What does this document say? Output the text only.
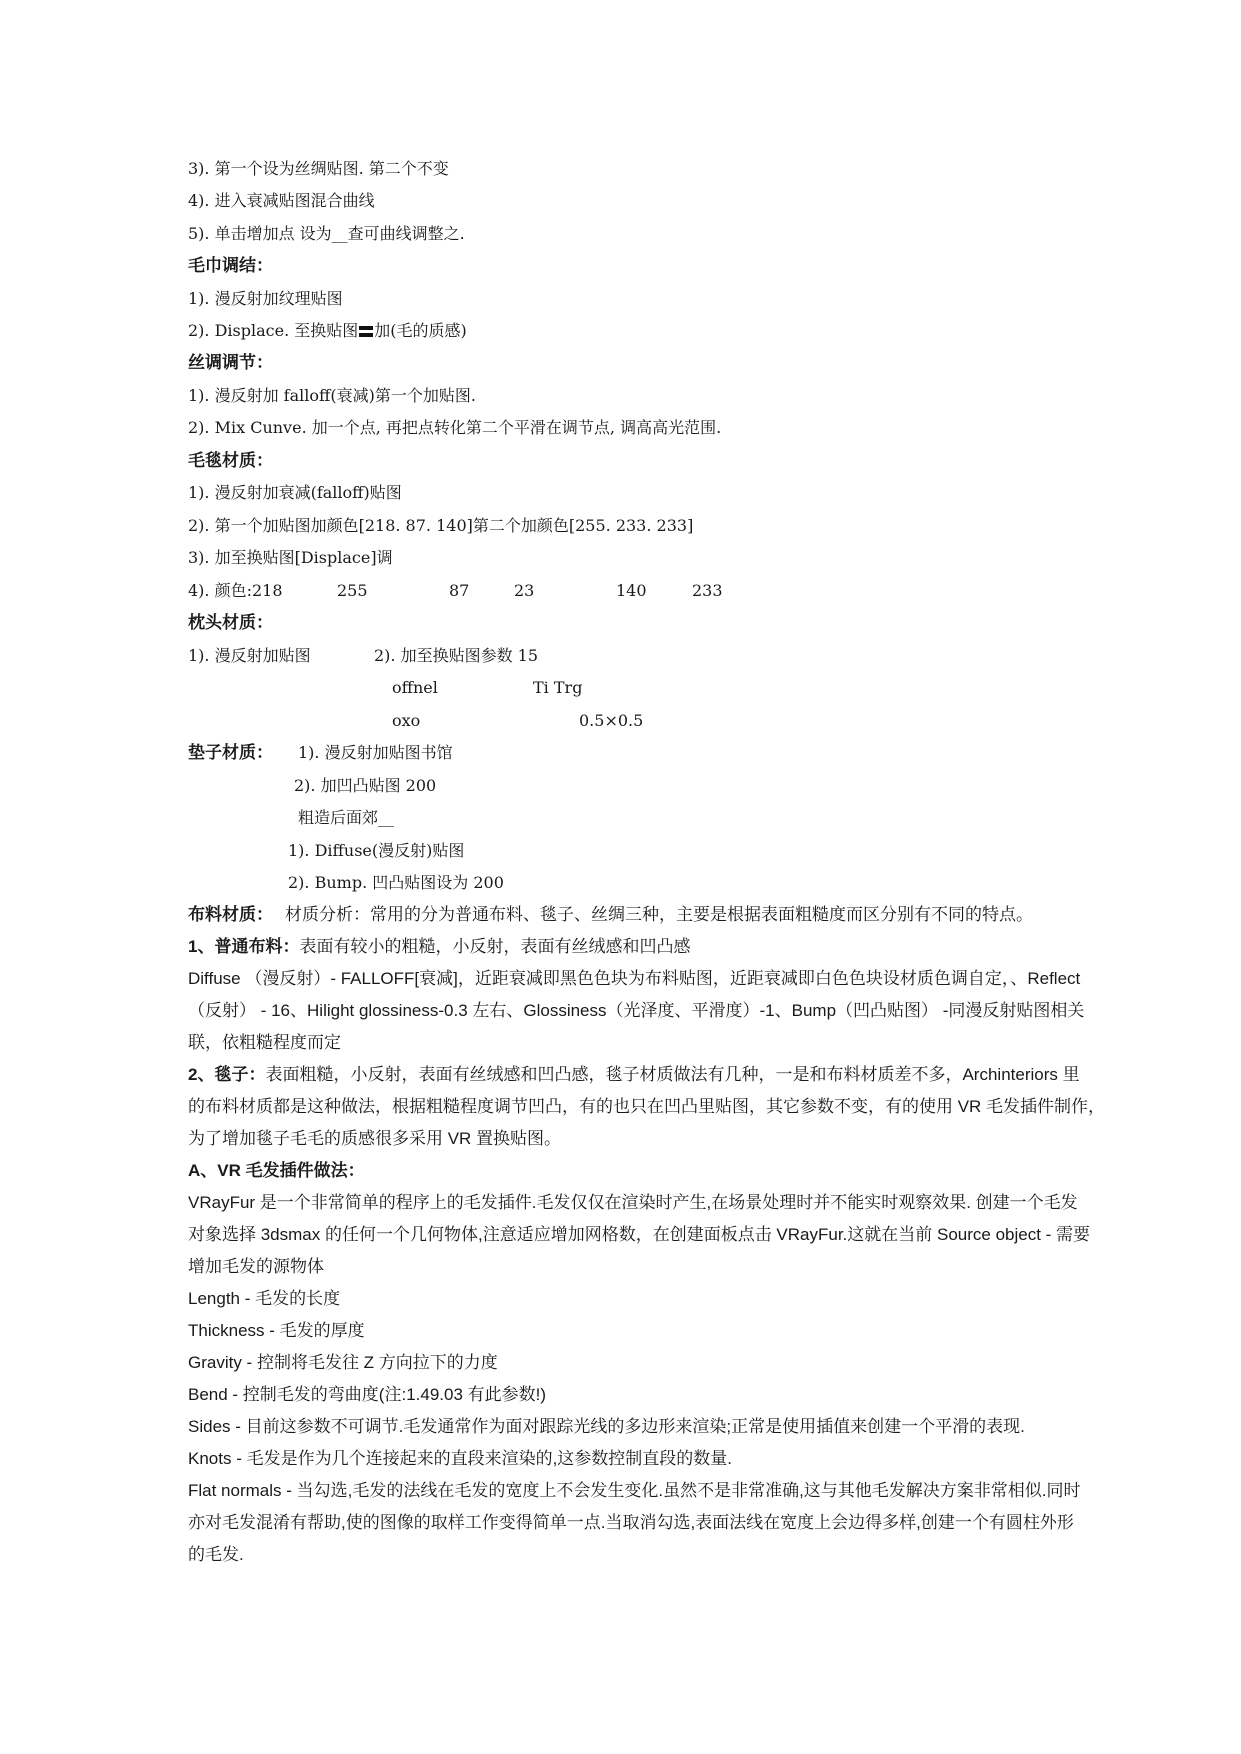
3). 第一个设为丝绸贴图. 第二个不变
4). 进入衰减贴图混合曲线
5). 单击增加点 设为__查可曲线调整之.
毛巾调结：
1). 漫反射加纹理贴图
2). Displace. 至换贴图 加(毛的质感)
丝调调节：
1). 漫反射加 falloff(衰减)第一个加贴图.
2). Mix Cunve. 加一个点, 再把点转化第二个平滑在调节点, 调高高光范围.
毛毯材质：
1). 漫反射加衰减(falloff)贴图
2). 第一个加贴图加颜色[218. 87. 140]第二个加颜色[255. 233. 233]
3). 加至换贴图[Displace]调
4). 颜色:218	255	87	23	140	233
枕头材质：
1). 漫反射加贴图	2). 加至换贴图参数 15
offnel	Ti Trg
oxo	0.5×0.5
垫子材质： 1). 漫反射加贴图书馆
2). 加凹凸贴图 200
粗造后面郊__
1). Diffuse(漫反射)贴图
2). Bump. 凹凸贴图设为 200
布料材质： 材质分析：常用的分为普通布料、毯子、丝绸三种，主要是根据表面粗糙度而区分别有不同的特点。
1、普通布料：表面有较小的粗糙，小反射，表面有丝绒感和凹凸感
Diffuse （漫反射）- FALLOFF[衰减]，近距衰减即黑色色块为布料贴图，近距衰减即白色色块设材质色调自定，、Reflect
（反射） - 16、Hilight glossiness-0.3 左右、Glossiness（光泽度、平滑度）-1、Bump（凹凸贴图） -同漫反射贴图相关
联，依粗糙程度而定
2、毯子：表面粗糙，小反射，表面有丝绒感和凹凸感，毯子材质做法有几种，一是和布料材质差不多，Archinteriors 里
的布料材质都是这种做法，根据粗糙程度调节凹凸，有的也只在凹凸里贴图，其它参数不变，有的使用 VR 毛发插件制作，
为了增加毯子毛毛的质感很多采用 VR 置换贴图。
A、VR 毛发插件做法：
VRayFur 是一个非常简单的程序上的毛发插件.毛发仅仅在渲染时产生,在场景处理时并不能实时观察效果. 创建一个毛发
对象选择 3dsmax 的任何一个几何物体,注意适应增加网格数，在创建面板点击 VRayFur.这就在当前 Source object - 需要
增加毛发的源物体
Length - 毛发的长度
Thickness - 毛发的厚度
Gravity - 控制将毛发往 Z 方向拉下的力度
Bend - 控制毛发的弯曲度(注:1.49.03 有此参数!)
Sides - 目前这参数不可调节.毛发通常作为面对跟踪光线的多边形来渲染;正常是使用插值来创建一个平滑的表现.
Knots - 毛发是作为几个连接起来的直段来渲染的,这参数控制直段的数量.
Flat normals - 当勾选,毛发的法线在毛发的宽度上不会发生变化.虽然不是非常准确,这与其他毛发解决方案非常相似.同时
亦对毛发混淆有帮助,使的图像的取样工作变得简单一点.当取消勾选,表面法线在宽度上会边得多样,创建一个有圆柱外形
的毛发.
